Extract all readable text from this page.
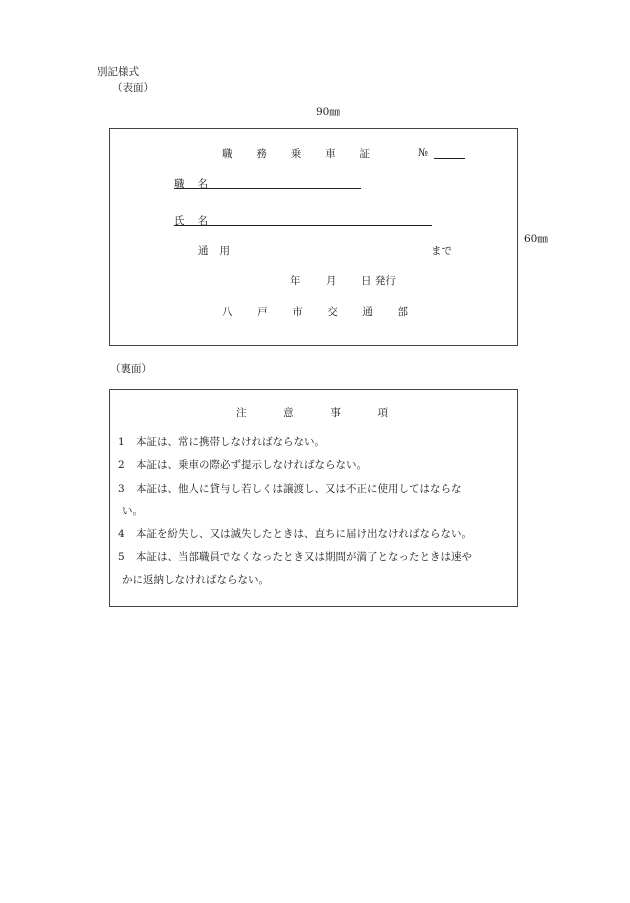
別記様式
（表面）
90㎜
60㎜
職 務 乗 車 証	№
職 名
氏 名
通 用	まで
年 月 日 発行
八 戸 市 交 通 部
（裏面）
注	意	事	項
1 本証は、常に携帯しなければならない。
2 本証は、乗車の際必ず提示しなければならない。
3 本証は、他人に貸与し若しくは譲渡し、又は不正に使用してはならな
い。
4 本証を紛失し、又は滅失したときは、直ちに届け出なければならない。
5 本証は、当部職員でなくなったとき又は期間が満了となったときは速や
かに返納しなければならない。
